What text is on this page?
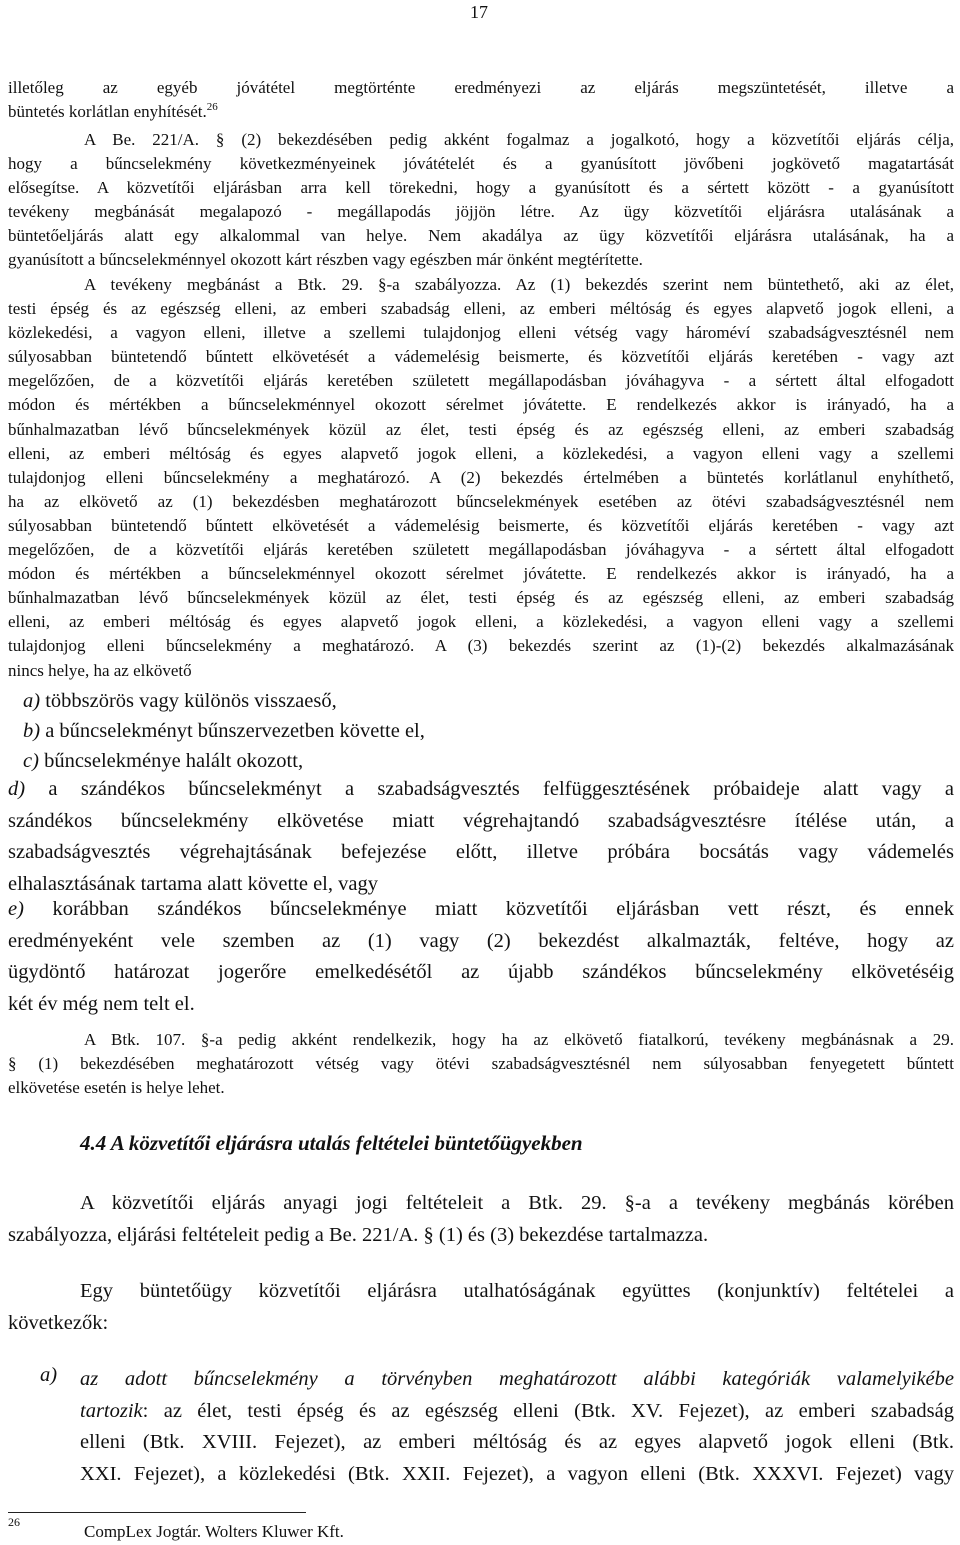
17
illetőleg az egyéb jóvátétel megtörténte eredményezi az eljárás megszüntetését, illetve a
büntetés korlátlan enyhítését.$^{26}$
A Be. 221/A. § (2) bekezdésében pedig akként fogalmaz a jogalkotó, hogy a közvetítői eljárás célja,
hogy a bűncselekmény következményeinek jóvátételét és a gyanúsított jövőbeni jogkövető magatartását
elősegítse. A közvetítői eljárásban arra kell törekedni, hogy a gyanúsított és a sértett között - a gyanúsított
tevékeny megbánását megalapozó - megállapodás jöjjön létre. Az ügy közvetítői eljárásra utalásának a
büntetőeljárás alatt egy alkalommal van helye. Nem akadálya az ügy közvetítői eljárásra utalásának, ha a
gyanúsított a bűncselekménnyel okozott kárt részben vagy egészben már önként megtérítette.
A tevékeny megbánást a Btk. 29. §-a szabályozza. Az (1) bekezdés szerint nem büntethető, aki az élet,
testi épség és az egészség elleni, az emberi szabadság elleni, az emberi méltóság és egyes alapvető jogok elleni, a
közlekedési, a vagyon elleni, illetve a szellemi tulajdonjog elleni vétség vagy hároméví szabadságvesztésnél nem
súlyosabban büntetendő bűntett elkövetését a vádemelésig beismerte, és közvetítői eljárás keretében - vagy azt
megelőzően, de a közvetítői eljárás keretében született megállapodásban jóváhagyva - a sértett által elfogadott
módon és mértékben a bűncselekménnyel okozott sérelmet jóvátette. E rendelkezés akkor is irányadó, ha a
bűnhalmazatban lévő bűncselekmények közül az élet, testi épség és az egészség elleni, az emberi szabadság
elleni, az emberi méltóság és egyes alapvető jogok elleni, a közlekedési, a vagyon elleni vagy a szellemi
tulajdonjog elleni bűncselekmény a meghatározó. A (2) bekezdés értelmében a büntetés korlátlanul enyhíthető,
ha az elkövető az (1) bekezdésben meghatározott bűncselekmények esetében az ötévi szabadságvesztésnél nem
súlyosabban büntetendő bűntett elkövetését a vádemelésig beismerte, és közvetítői eljárás keretében - vagy azt
megelőzően, de a közvetítői eljárás keretében született megállapodásban jóváhagyva - a sértett által elfogadott
módon és mértékben a bűncselekménnyel okozott sérelmet jóvátette. E rendelkezés akkor is irányadó, ha a
bűnhalmazatban lévő bűncselekmények közül az élet, testi épség és az egészség elleni, az emberi szabadság
elleni, az emberi méltóság és egyes alapvető jogok elleni, a közlekedési, a vagyon elleni vagy a szellemi
tulajdonjog elleni bűncselekmény a meghatározó. A (3) bekezdés szerint az (1)-(2) bekezdés alkalmazásának
nincs helye, ha az elkövető
a) többszörös vagy különös visszaeső,
b) a bűncselekményt bűnszervezetben követte el,
c) bűncselekménye halált okozott,
d) a szándékos bűncselekményt a szabadságvesztés felfüggesztésének próbaideje alatt vagy a
szándékos bűncselekmény elkövetése miatt végrehajtandó szabadságvesztésre ítélése után, a
szabadságvesztés végrehajtásának befejezése előtt, illetve próbára bocsátás vagy vádemelés
elhalasztásának tartama alatt követte el, vagy
e) korábban szándékos bűncselekménye miatt közvetítői eljárásban vett részt, és ennek
eredményeként vele szemben az (1) vagy (2) bekezdést alkalmazták, feltéve, hogy az
ügydöntő határozat jogerőre emelkedésétől az újabb szándékos bűncselekmény elkövetéséig
két év még nem telt el.
A Btk. 107. §-a pedig akként rendelkezik, hogy ha az elkövető fiatalkorú, tevékeny megbánásnak a 29.
§ (1) bekezdésében meghatározott vétség vagy ötévi szabadságvesztésnél nem súlyosabban fenyegetett bűntett
elkövetése esetén is helye lehet.
4.4 A közvetítői eljárásra utalás feltételei büntetőügyekben
A közvetítői eljárás anyagi jogi feltételeit a Btk. 29. §-a a tevékeny megbánás körében
szabályozza, eljárási feltételeit pedig a Be. 221/A. § (1) és (3) bekezdése tartalmazza.
Egy büntetőügy közvetítői eljárásra utalhatóságának együttes (konjunktív) feltételei a
következők:
a) az adott bűncselekmény a törvényben meghatározott alábbi kategóriák valamelyikébe
tartozik: az élet, testi épség és az egészség elleni (Btk. XV. Fejezet), az emberi szabadság
elleni (Btk. XVIII. Fejezet), az emberi méltóság és az egyes alapvető jogok elleni (Btk.
XXI. Fejezet), a közlekedési (Btk. XXII. Fejezet), a vagyon elleni (Btk. XXXVI. Fejezet) vagy
26	CompLex Jogtár. Wolters Kluwer Kft.
